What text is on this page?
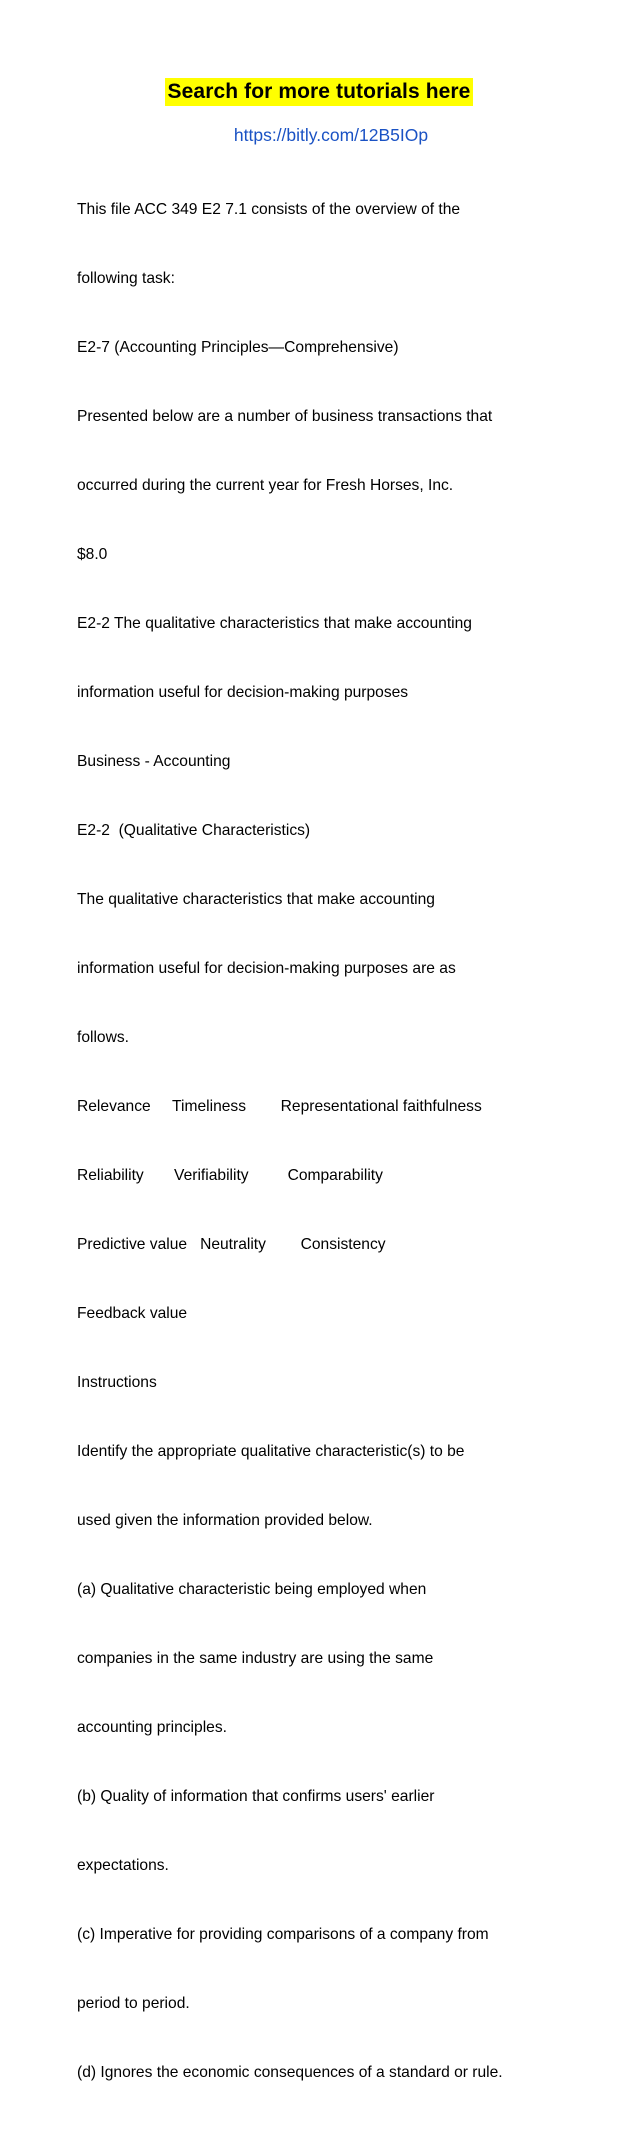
Search for more tutorials here
https://bitly.com/12B5IOp

This file ACC 349 E2 7.1 consists of the overview of the

following task:

E2-7 (Accounting Principles—Comprehensive)

Presented below are a number of business transactions that

occurred during the current year for Fresh Horses, Inc.

$8.0

E2-2 The qualitative characteristics that make accounting

information useful for decision-making purposes

Business - Accounting

E2-2  (Qualitative Characteristics)

The qualitative characteristics that make accounting

information useful for decision-making purposes are as

follows.

Relevance     Timeliness        Representational faithfulness

Reliability       Verifiability         Comparability

Predictive value   Neutrality        Consistency

Feedback value

Instructions

Identify the appropriate qualitative characteristic(s) to be

used given the information provided below.

(a) Qualitative characteristic being employed when

companies in the same industry are using the same

accounting principles.

(b) Quality of information that confirms users' earlier

expectations.

(c) Imperative for providing comparisons of a company from

period to period.

(d) Ignores the economic consequences of a standard or rule.
